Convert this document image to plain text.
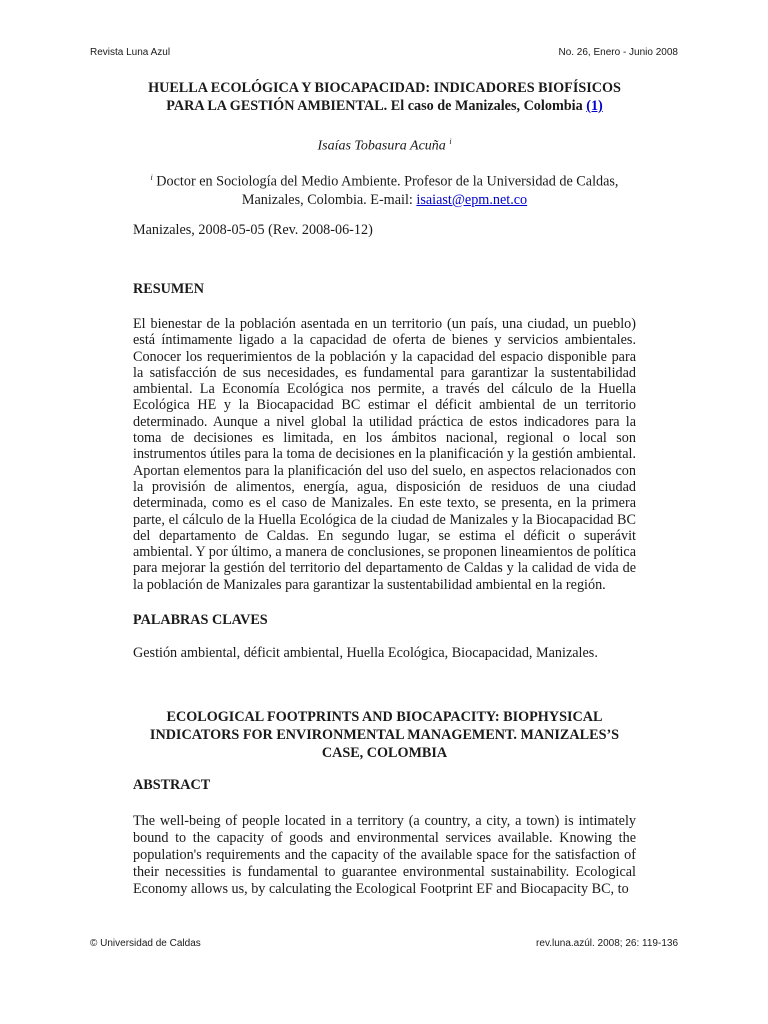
Revista Luna Azul	No. 26, Enero - Junio 2008
HUELLA ECOLÓGICA Y BIOCAPACIDAD: INDICADORES BIOFÍSICOS
PARA LA GESTIÓN AMBIENTAL. El caso de Manizales, Colombia (1)
Isaías Tobasura Acuña $^i$
$^i$ Doctor en Sociología del Medio Ambiente. Profesor de la Universidad de Caldas,
Manizales, Colombia. E-mail: isaiast@epm.net.co
Manizales, 2008-05-05 (Rev. 2008-06-12)
RESUMEN

El bienestar de la población asentada en un territorio (un país, una ciudad, un pueblo) está íntimamente ligado a la capacidad de oferta de bienes y servicios ambientales. Conocer los requerimientos de la población y la capacidad del espacio disponible para la satisfacción de sus necesidades, es fundamental para garantizar la sustentabilidad ambiental. La Economía Ecológica nos permite, a través del cálculo de la Huella Ecológica HE y la Biocapacidad BC estimar el déficit ambiental de un territorio determinado. Aunque a nivel global la utilidad práctica de estos indicadores para la toma de decisiones es limitada, en los ámbitos nacional, regional o local son instrumentos útiles para la toma de decisiones en la planificación y la gestión ambiental. Aportan elementos para la planificación del uso del suelo, en aspectos relacionados con la provisión de alimentos, energía, agua, disposición de residuos de una ciudad determinada, como es el caso de Manizales. En este texto, se presenta, en la primera parte, el cálculo de la Huella Ecológica de la ciudad de Manizales y la Biocapacidad BC del departamento de Caldas. En segundo lugar, se estima el déficit o superávit ambiental. Y por último, a manera de conclusiones, se proponen lineamientos de política para mejorar la gestión del territorio del departamento de Caldas y la calidad de vida de la población de Manizales para garantizar la sustentabilidad ambiental en la región.

PALABRAS CLAVES

Gestión ambiental, déficit ambiental, Huella Ecológica, Biocapacidad, Manizales.

ECOLOGICAL FOOTPRINTS AND BIOCAPACITY: BIOPHYSICAL
INDICATORS FOR ENVIRONMENTAL MANAGEMENT. MANIZALES’S
CASE, COLOMBIA
ABSTRACT

The well-being of people located in a territory (a country, a city, a town) is intimately bound to the capacity of goods and environmental services available. Knowing the population's requirements and the capacity of the available space for the satisfaction of their necessities is fundamental to guarantee environmental sustainability. Ecological Economy allows us, by calculating the Ecological Footprint EF and Biocapacity BC, to

© Universidad de Caldas	rev.luna.azúl. 2008; 26: 119-136
